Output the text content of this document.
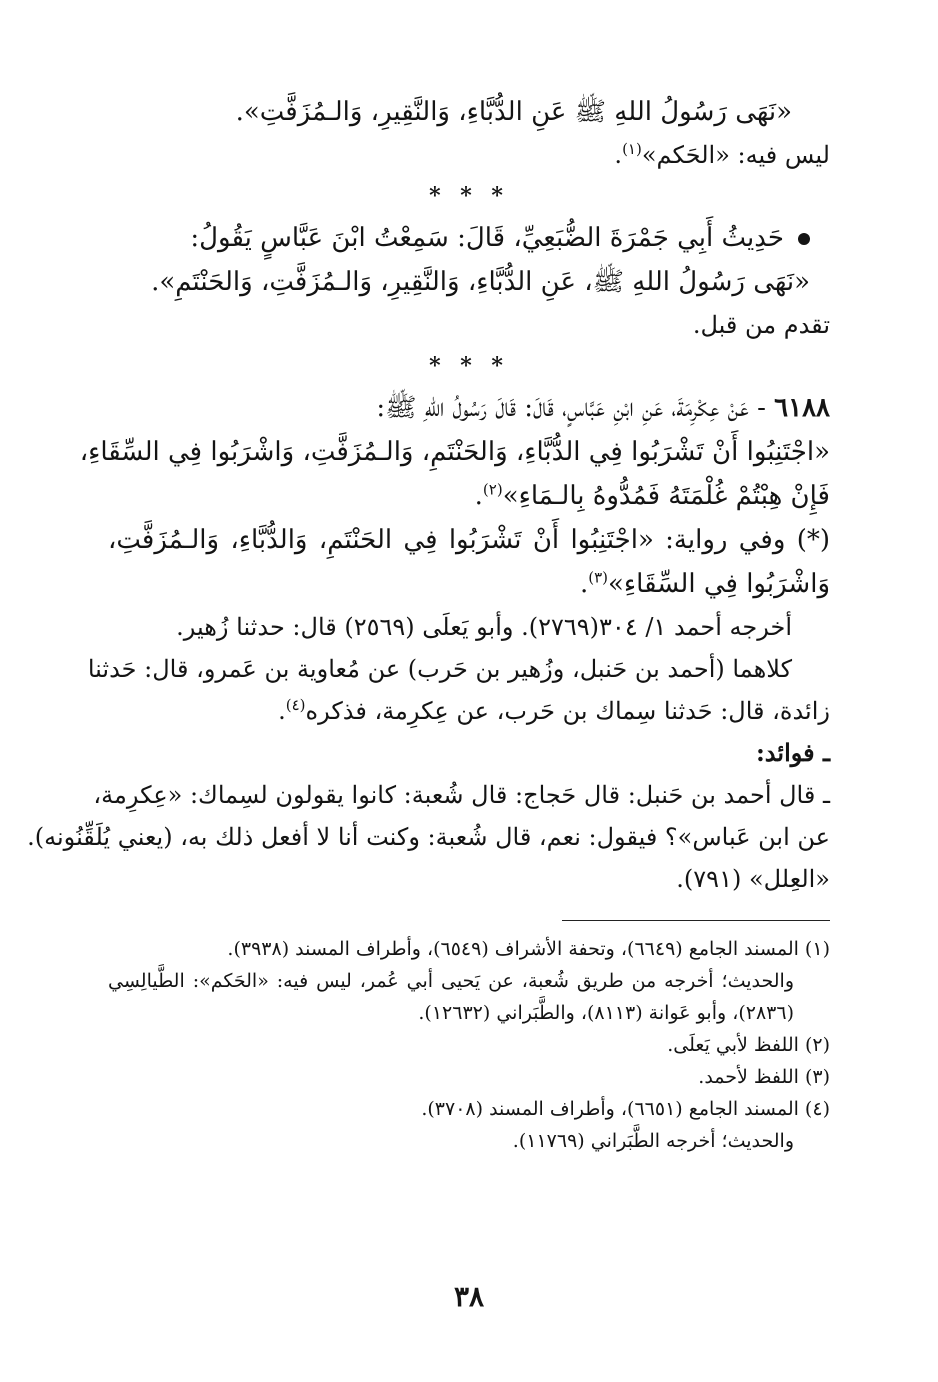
«نَهَى رَسُولُ اللهِ ﷺ عَنِ الدُّبَّاءِ، وَالنَّقِيرِ، وَالـمُزَفَّتِ».

ليس فيه: «الحَكم»$^{(١)}$.

* * *

حَدِيثُ أَبِي جَمْرَةَ الضُّبَعِيِّ، قَالَ: سَمِعْتُ ابْنَ عَبَّاسٍ يَقُولُ:

«نَهَى رَسُولُ اللهِ ﷺ، عَنِ الدُّبَّاءِ، وَالنَّقِيرِ، وَالـمُزَفَّتِ، وَالحَنْتَمِ».

تقدم من قبل.

* * *

٦١٨٨ - عَنْ عِكْرِمَةَ، عَنِ ابْنِ عَبَّاسٍ، قَالَ: قَالَ رَسُولُ اللهِ ﷺ:

«اجْتَنِبُوا أَنْ تَشْرَبُوا فِي الدُّبَّاءِ، وَالحَنْتَمِ، وَالـمُزَفَّتِ، وَاشْرَبُوا فِي السِّقَاءِ،

فَإِنْ هِبْتُمْ غُلْمَتَهُ فَمُدُّوهُ بِالـمَاءِ»$^{(٢)}$.

(*) وفي رواية: «اجْتَنِبُوا أَنْ تَشْرَبُوا فِي الحَنْتَمِ، وَالدُّبَّاءِ، وَالـمُزَفَّتِ،

وَاشْرَبُوا فِي السِّقَاءِ»$^{(٣)}$.

أخرجه أحمد ١/ ٣٠٤(٢٧٦٩). وأبو يَعلَى (٢٥٦٩) قال: حدثنا زُهير.

كلاهما (أحمد بن حَنبل، وزُهير بن حَرب) عن مُعاوية بن عَمرو، قال: حَدثنا

زائدة، قال: حَدثنا سِماك بن حَرب، عن عِكرِمة، فذكره$^{(٤)}$.

ـ فوائد:

ـ قال أحمد بن حَنبل: قال حَجاج: قال شُعبة: كانوا يقولون لسِماك: «عِكرِمة،

عن ابن عَباس»؟ فيقول: نعم، قال شُعبة: وكنت أنا لا أفعل ذلك به، (يعني يُلَقِّنُونه).

«العِلل» (٧٩١).

(١) المسند الجامع (٦٦٤٩)، وتحفة الأشراف (٦٥٤٩)، وأطراف المسند (٣٩٣٨).

والحديث؛ أخرجه من طريق شُعبة، عن يَحيى أبي عُمر، ليس فيه: «الحَكم»: الطَّيالِسِي

(٢٨٣٦)، وأبو عَوانة (٨١١٣)، والطَّبَراني (١٢٦٣٢).

(٢) اللفظ لأبي يَعلَى.

(٣) اللفظ لأحمد.

(٤) المسند الجامع (٦٦٥١)، وأطراف المسند (٣٧٠٨).

والحديث؛ أخرجه الطَّبَراني (١١٧٦٩).

٣٨
